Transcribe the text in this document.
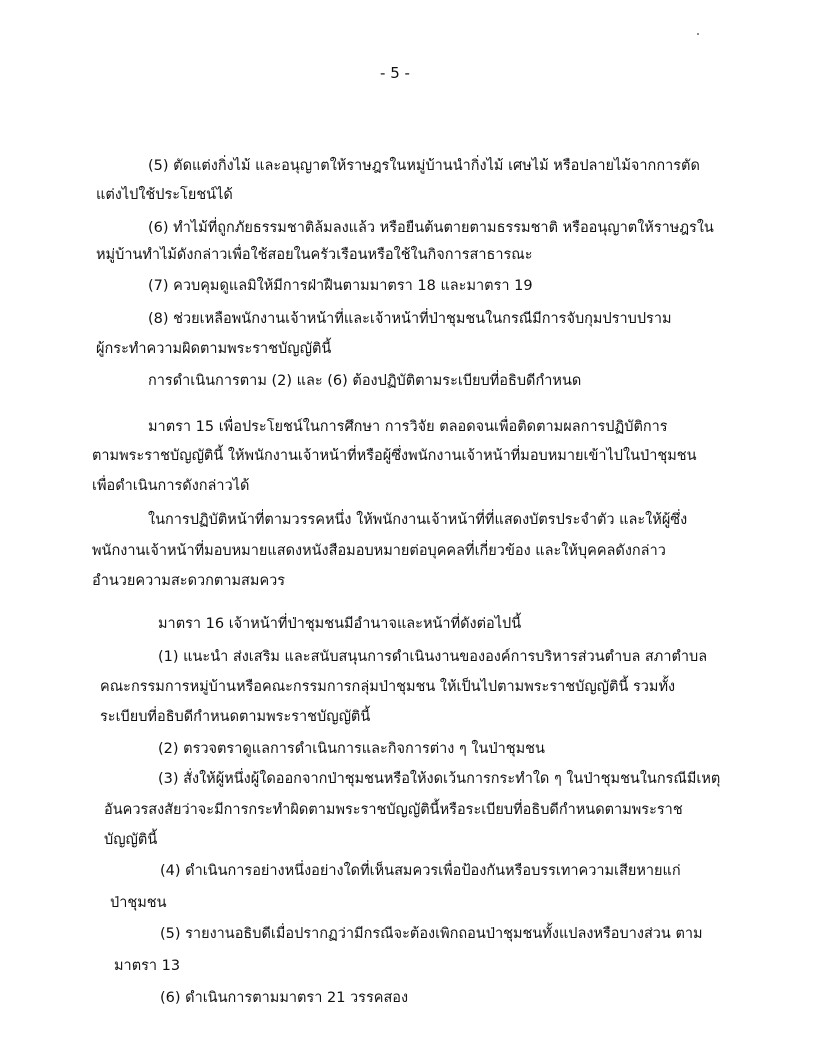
- 5 -
(5) ตัดแต่งกิ่งไม้ และอนุญาตให้ราษฎรในหมู่บ้านนำกิ่งไม้ เศษไม้ หรือปลายไม้จากการตัด
แต่งไปใช้ประโยชน์ได้
(6) ทำไม้ที่ถูกภัยธรรมชาติล้มลงแล้ว หรือยืนต้นตายตามธรรมชาติ หรืออนุญาตให้ราษฎรใน
หมู่บ้านทำไม้ดังกล่าวเพื่อใช้สอยในครัวเรือนหรือใช้ในกิจการสาธารณะ
(7) ควบคุมดูแลมิให้มีการฝ่าฝืนตามมาตรา 18 และมาตรา 19
(8) ช่วยเหลือพนักงานเจ้าหน้าที่และเจ้าหน้าที่ป่าชุมชนในกรณีมีการจับกุมปราบปราม
ผู้กระทำความผิดตามพระราชบัญญัตินี้
การดำเนินการตาม (2) และ (6) ต้องปฏิบัติตามระเบียบที่อธิบดีกำหนด
มาตรา 15 เพื่อประโยชน์ในการศึกษา การวิจัย ตลอดจนเพื่อติดตามผลการปฏิบัติการ
ตามพระราชบัญญัตินี้ ให้พนักงานเจ้าหน้าที่หรือผู้ซึ่งพนักงานเจ้าหน้าที่มอบหมายเข้าไปในป่าชุมชน
เพื่อดำเนินการดังกล่าวได้
ในการปฏิบัติหน้าที่ตามวรรคหนึ่ง ให้พนักงานเจ้าหน้าที่ที่แสดงบัตรประจำตัว และให้ผู้ซึ่ง
พนักงานเจ้าหน้าที่มอบหมายแสดงหนังสือมอบหมายต่อบุคคลที่เกี่ยวข้อง และให้บุคคลดังกล่าว
อำนวยความสะดวกตามสมควร
มาตรา 16 เจ้าหน้าที่ป่าชุมชนมีอำนาจและหน้าที่ดังต่อไปนี้
(1) แนะนำ ส่งเสริม และสนับสนุนการดำเนินงานขององค์การบริหารส่วนตำบล สภาตำบล
คณะกรรมการหมู่บ้านหรือคณะกรรมการกลุ่มป่าชุมชน ให้เป็นไปตามพระราชบัญญัตินี้ รวมทั้ง
ระเบียบที่อธิบดีกำหนดตามพระราชบัญญัตินี้
(2) ตรวจตราดูแลการดำเนินการและกิจการต่าง ๆ ในป่าชุมชน
(3) สั่งให้ผู้หนึ่งผู้ใดออกจากป่าชุมชนหรือให้งดเว้นการกระทำใด ๆ ในป่าชุมชนในกรณีมีเหตุ
อันควรสงสัยว่าจะมีการกระทำผิดตามพระราชบัญญัตินี้หรือระเบียบที่อธิบดีกำหนดตามพระราช
บัญญัตินี้
(4) ดำเนินการอย่างหนึ่งอย่างใดที่เห็นสมควรเพื่อป้องกันหรือบรรเทาความเสียหายแก่
ป่าชุมชน
(5) รายงานอธิบดีเมื่อปรากฏว่ามีกรณีจะต้องเพิกถอนป่าชุมชนทั้งแปลงหรือบางส่วน ตาม
มาตรา 13
(6) ดำเนินการตามมาตรา 21 วรรคสอง
